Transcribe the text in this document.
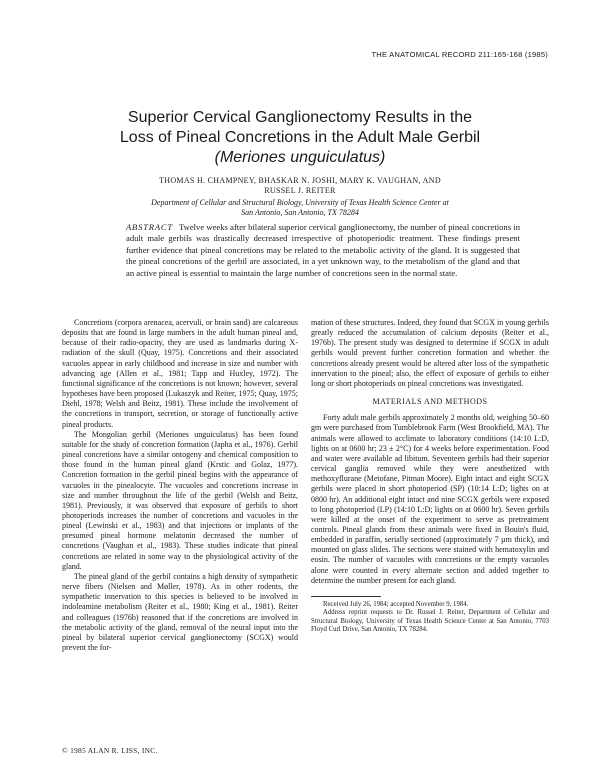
THE ANATOMICAL RECORD 211:165-168 (1985)
Superior Cervical Ganglionectomy Results in the
Loss of Pineal Concretions in the Adult Male Gerbil
(Meriones unguiculatus)
THOMAS H. CHAMPNEY, BHASKAR N. JOSHI, MARY K. VAUGHAN, AND
RUSSEL J. REITER
Department of Cellular and Structural Biology, University of Texas Health Science Center at
San Antonio, San Antonio, TX 78284
ABSTRACT Twelve weeks after bilateral superior cervical ganglionectomy, the number of pineal concretions in adult male gerbils was drastically decreased irrespective of photoperiodic treatment. These findings present further evidence that pineal concretions may be related to the metabolic activity of the gland. It is suggested that the pineal concretions of the gerbil are associated, in a yet unknown way, to the metabolism of the gland and that an active pineal is essential to maintain the large number of concretions seen in the normal state.

Concretions (corpora arenacea, acervuli, or brain sand) are calcareous deposits that are found in large numbers in the adult human pineal and, because of their radio-opacity, they are used as landmarks during X-radiation of the skull (Quay, 1975). Concretions and their associated vacuoles appear in early childhood and increase in size and number with advancing age (Allen et al., 1981; Tapp and Huxley, 1972). The functional significance of the concretions is not known; however, several hypotheses have been proposed (Lukaszyk and Reiter, 1975; Quay, 1975; Diehl, 1978; Welsh and Beitz, 1981). These include the involvement of the concretions in transport, secretion, or storage of functionally active pineal products.

The Mongolian gerbil (Meriones unguiculatus) has been found suitable for the study of concretion formation (Japha et al., 1976). Gerbil pineal concretions have a similar ontogeny and chemical composition to those found in the human pineal gland (Krstic and Golaz, 1977). Concretion formation in the gerbil pineal begins with the appearance of vacuoles in the pinealocyte. The vacuoles and concretions increase in size and number throughout the life of the gerbil (Welsh and Beitz, 1981). Previously, it was observed that exposure of gerbils to short photoperiods increases the number of concretions and vacuoles in the pineal (Lewinski et al., 1983) and that injections or implants of the presumed pineal hormone melatonin decreased the number of concretions (Vaughan et al., 1983). These studies indicate that pineal concretions are related in some way to the physiological activity of the gland.

The pineal gland of the gerbil contains a high density of sympathetic nerve fibers (Nielsen and Møller, 1978). As in other rodents, the sympathetic innervation to this species is believed to be involved in indoleamine metabolism (Reiter et al., 1980; King et al., 1981). Reiter and colleagues (1976b) reasoned that if the concretions are involved in the metabolic activity of the gland, removal of the neural input into the pineal by bilateral superior cervical ganglionectomy (SCGX) would prevent the for-

mation of these structures. Indeed, they found that SCGX in young gerbils greatly reduced the accumulation of calcium deposits (Reiter et al., 1976b). The present study was designed to determine if SCGX in adult gerbils would prevent further concretion formation and whether the concretions already present would be altered after loss of the sympathetic innervation to the pineal; also, the effect of exposure of gerbils to either long or short photoperiods on pineal concretions was investigated.

MATERIALS AND METHODS

Forty adult male gerbils approximately 2 months old, weighing 50–60 gm were purchased from Tumblebrook Farm (West Brookfield, MA). The animals were allowed to acclimate to laboratory conditions (14:10 L:D, lights on at 0600 hr; 23 ± 2°C) for 4 weeks before experimentation. Food and water were available ad libitum. Seventeen gerbils had their superior cervical ganglia removed while they were anesthetized with methoxyflurane (Metofane, Pitman Moore). Eight intact and eight SCGX gerbils were placed in short photoperiod (SP) (10:14 L:D; lights on at 0800 hr). An additional eight intact and nine SCGX gerbils were exposed to long photoperiod (LP) (14:10 L:D; lights on at 0600 hr). Seven gerbils were killed at the onset of the experiment to serve as pretreatment controls. Pineal glands from these animals were fixed in Bouin's fluid, embedded in paraffin, serially sectioned (approximately 7 µm thick), and mounted on glass slides. The sections were stained with hematoxylin and eosin. The number of vacuoles with concretions or the empty vacuoles alone were counted in every alternate section and added together to determine the number present for each gland.

Received July 26, 1984; accepted November 9, 1984.

Address reprint requests to Dr. Russel J. Reiter, Department of Cellular and Structural Biology, University of Texas Health Science Center at San Antonio, 7703 Floyd Curl Drive, San Antonio, TX 78284.

© 1985 ALAN R. LISS, INC.
